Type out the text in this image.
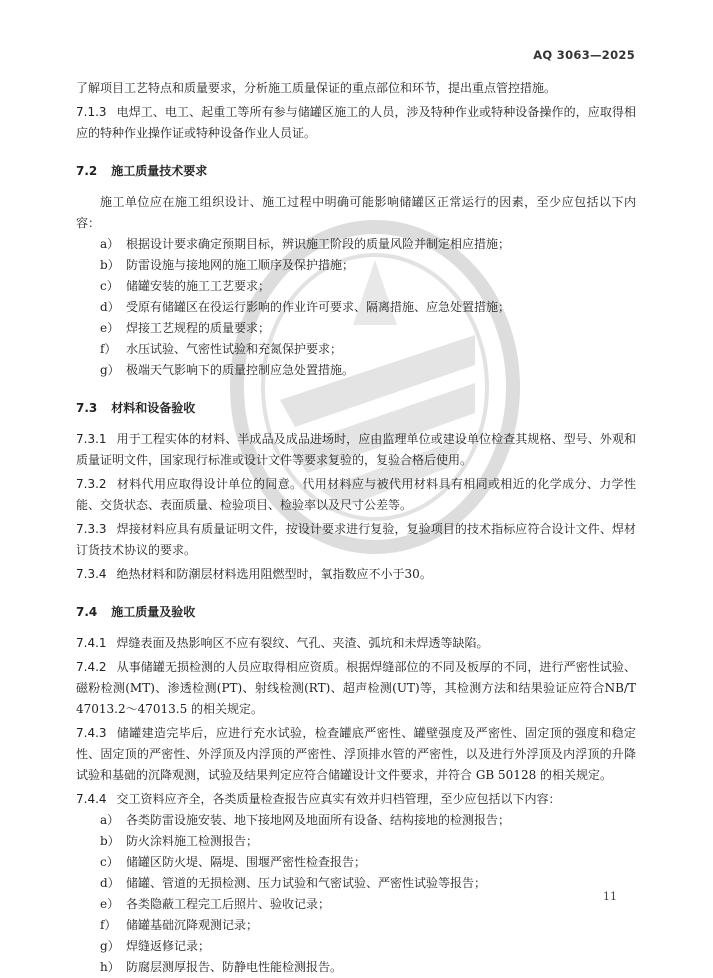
AQ 3063—2025

了解项目工艺特点和质量要求，分析施工质量保证的重点部位和环节，提出重点管控措施。

7.1.3 电焊工、电工、起重工等所有参与储罐区施工的人员，涉及特种作业或特种设备操作的，应取得相应的特种作业操作证或特种设备作业人员证。

7.2 施工质量技术要求

施工单位应在施工组织设计、施工过程中明确可能影响储罐区正常运行的因素，至少应包括以下内容：

a） 根据设计要求确定预期目标，辨识施工阶段的质量风险并制定相应措施；
b） 防雷设施与接地网的施工顺序及保护措施；
c） 储罐安装的施工工艺要求；
d） 受原有储罐区在役运行影响的作业许可要求、隔离措施、应急处置措施；
e） 焊接工艺规程的质量要求；
f） 水压试验、气密性试验和充氮保护要求；
g） 极端天气影响下的质量控制应急处置措施。
7.3 材料和设备验收

7.3.1 用于工程实体的材料、半成品及成品进场时，应由监理单位或建设单位检查其规格、型号、外观和质量证明文件，国家现行标准或设计文件等要求复验的，复验合格后使用。

7.3.2 材料代用应取得设计单位的同意。代用材料应与被代用材料具有相同或相近的化学成分、力学性能、交货状态、表面质量、检验项目、检验率以及尺寸公差等。

7.3.3 焊接材料应具有质量证明文件，按设计要求进行复验，复验项目的技术指标应符合设计文件、焊材订货技术协议的要求。

7.3.4 绝热材料和防潮层材料选用阻燃型时，氧指数应不小于30。

7.4 施工质量及验收

7.4.1 焊缝表面及热影响区不应有裂纹、气孔、夹渣、弧坑和未焊透等缺陷。

7.4.2 从事储罐无损检测的人员应取得相应资质。根据焊缝部位的不同及板厚的不同，进行严密性试验、磁粉检测(MT)、渗透检测(PT)、射线检测(RT)、超声检测(UT)等，其检测方法和结果验证应符合NB/T 47013.2～47013.5 的相关规定。

7.4.3 储罐建造完毕后，应进行充水试验，检查罐底严密性、罐壁强度及严密性、固定顶的强度和稳定性、固定顶的严密性、外浮顶及内浮顶的严密性、浮顶排水管的严密性，以及进行外浮顶及内浮顶的升降试验和基础的沉降观测，试验及结果判定应符合储罐设计文件要求，并符合 GB 50128 的相关规定。

7.4.4 交工资料应齐全，各类质量检查报告应真实有效并归档管理，至少应包括以下内容：

a） 各类防雷设施安装、地下接地网及地面所有设备、结构接地的检测报告；
b） 防火涂料施工检测报告；
c） 储罐区防火堤、隔堤、围堰严密性检查报告；
d） 储罐、管道的无损检测、压力试验和气密试验、严密性试验等报告；
e） 各类隐蔽工程完工后照片、验收记录；
f） 储罐基础沉降观测记录；
g） 焊缝返修记录；
h） 防腐层测厚报告、防静电性能检测报告。
11
